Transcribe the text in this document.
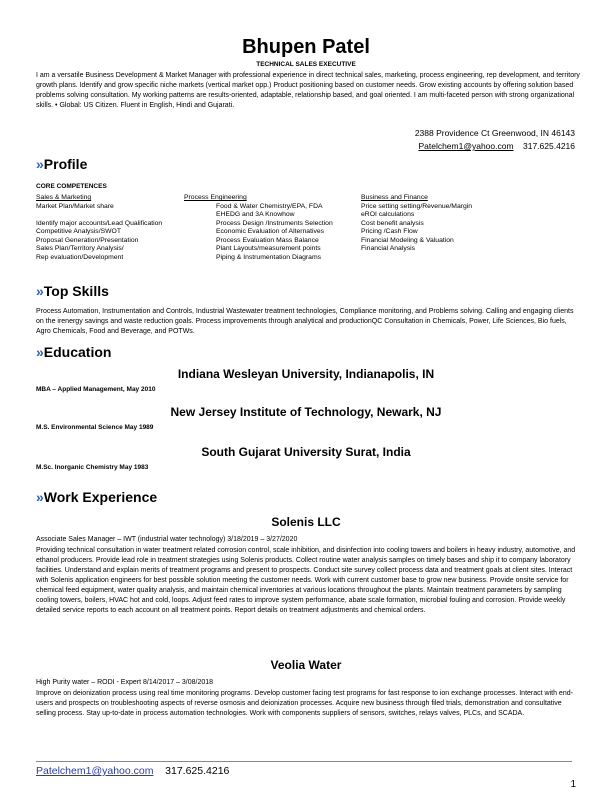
Bhupen Patel
TECHNICAL SALES EXECUTIVE
I am a versatile Business Development & Market Manager with professional experience in direct technical sales, marketing, process engineering, rep development, and territory growth plans. Identify and grow specific niche markets (vertical market opp.) Product positioning based on customer needs. Grow existing accounts by offering solution based problems solving consultation. My working patterns are results-oriented, adaptable, relationship based, and goal oriented. I am multi-faceted person with strong organizational skills. • Global: US Citizen. Fluent in English, Hindi and Gujarati.
2388 Providence Ct Greenwood, IN 46143
Patelchem1@yahoo.com 317.625.4216
»Profile
CORE COMPETENCES
Sales & Marketing
Market Plan/Market share

Identify major accounts/Lead Qualification
Competitive Analysis/SWOT
Proposal Generation/Presentation
Sales Plan/Territory Analysis/
Rep evaluation/Development
Process Engineering
Food & Water Chemistry/EPA, FDA
EHEDG and 3A Knowhow
Process Design /Instruments Selection
Economic Evaluation of Alternatives
Process Evaluation Mass Balance
Plant Layouts/measurement points
Piping & Instrumentation Diagrams
Business and Finance
Price setting setting/Revenue/Margin
eROI calculations
Cost benefit analysis
Pricing /Cash Flow
Financial Modeling & Valuation
Financial Analysis
»Top Skills
Process Automation, Instrumentation and Controls, Industrial Wastewater treatment technologies, Compliance monitoring, and Problems solving. Calling and engaging clients on the irenergy savings and waste reduction goals. Process improvements through analytical and productionQC Consultation in Chemicals, Power, Life Sciences, Bio fuels, Agro Chemicals, Food and Beverage, and POTWs.
»Education
Indiana Wesleyan University, Indianapolis, IN
MBA – Applied Management, May 2010
New Jersey Institute of Technology, Newark, NJ
M.S. Environmental Science May 1989
South Gujarat University Surat, India
M.Sc. Inorganic Chemistry May 1983
»Work Experience
Solenis LLC
Associate Sales Manager – IWT (industrial water technology) 3/18/2019 – 3/27/2020
Providing technical consultation in water treatment related corrosion control, scale inhibition, and disinfection into cooling towers and boilers in heavy industry, automotive, and ethanol producers. Provide lead role in treatment strategies using Solenis products. Collect routine water analysis samples on timely bases and ship it to company laboratory facilities. Understand and explain merits of treatment programs and present to prospects. Conduct site survey collect process data and treatment goals at client sites. Interact with Solenis application engineers for best possible solution meeting the customer needs. Work with current customer base to grow new business. Provide onsite service for chemical feed equipment, water quality analysis, and maintain chemical inventories at various locations throughout the plants. Maintain treatment parameters by sampling cooling towers, boilers, HVAC hot and cold, loops. Adjust feed rates to improve system performance, abate scale formation, microbial fouling and corrosion. Provide weekly detailed service reports to each account on all treatment points. Report details on treatment adjustments and chemical orders.
Veolia Water
High Purity water – RODI - Expert 8/14/2017 – 3/08/2018
Improve on deionization process using real time monitoring programs. Develop customer facing test programs for fast response to ion exchange processes. Interact with end-users and prospects on troubleshooting aspects of reverse osmosis and deionization processes. Acquire new business through filed trials, demonstration and consultative selling process. Stay up-to-date in process automation technologies. Work with components suppliers of sensors, switches, relays valves, PLCs, and SCADA.
Patelchem1@yahoo.com 317.625.4216
1
